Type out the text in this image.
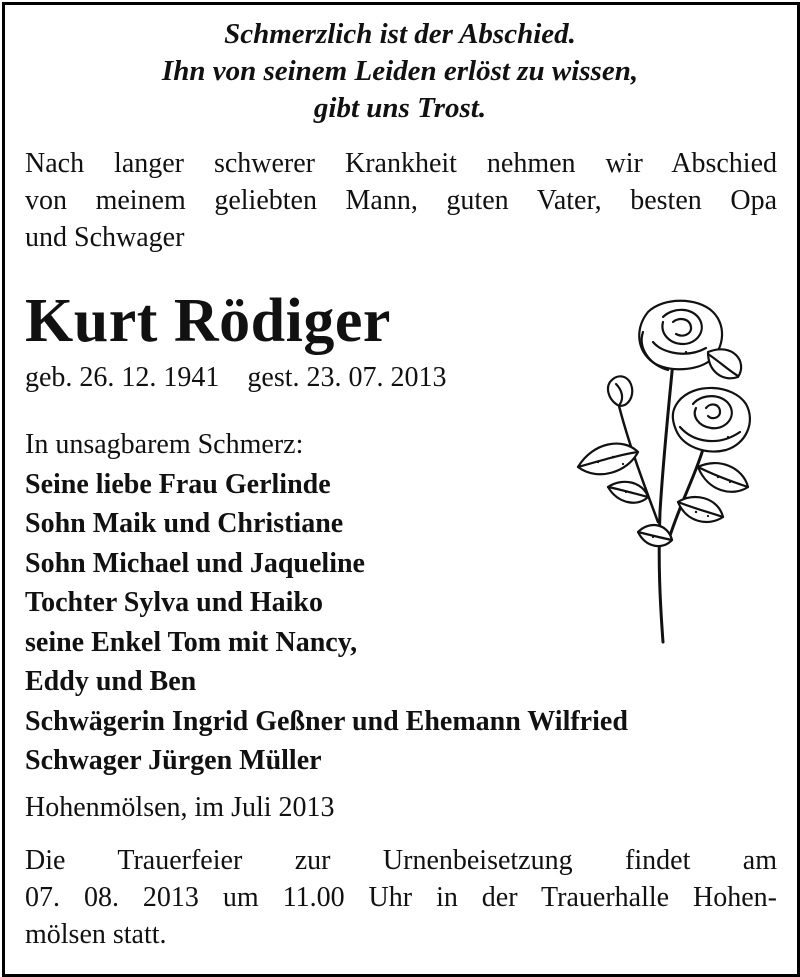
Schmerzlich ist der Abschied.
Ihn von seinem Leiden erlöst zu wissen,
gibt uns Trost.
Nach langer schwerer Krankheit nehmen wir Abschied
von meinem geliebten Mann, guten Vater, besten Opa
und Schwager
Kurt Rödiger
geb. 26. 12. 1941    gest. 23. 07. 2013
In unsagbarem Schmerz:
Seine liebe Frau Gerlinde
Sohn Maik und Christiane
Sohn Michael und Jaqueline
Tochter Sylva und Haiko
seine Enkel Tom mit Nancy,
Eddy und Ben
Schwägerin Ingrid Geßner und Ehemann Wilfried
Schwager Jürgen Müller
Hohenmölsen, im Juli 2013
Die Trauerfeier zur Urnenbeisetzung findet am
07. 08. 2013 um 11.00 Uhr in der Trauerhalle Hohen-
mölsen statt.
